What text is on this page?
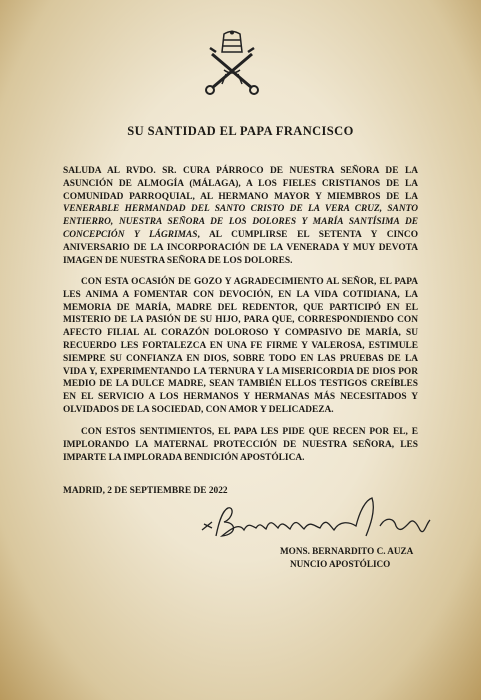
SU SANTIDAD EL PAPA FRANCISCO
SALUDA AL RVDO. SR. CURA PÁRROCO DE NUESTRA SEÑORA DE LA ASUNCIÓN DE ALMOGÍA (MÁLAGA), A LOS FIELES CRISTIANOS DE LA COMUNIDAD PARROQUIAL, AL HERMANO MAYOR Y MIEMBROS DE LA VENERABLE HERMANDAD DEL SANTO CRISTO DE LA VERA CRUZ, SANTO ENTIERRO, NUESTRA SEÑORA DE LOS DOLORES Y MARÍA SANTÍSIMA DE CONCEPCIÓN Y LÁGRIMAS, AL CUMPLIRSE EL SETENTA Y CINCO ANIVERSARIO DE LA INCORPORACIÓN DE LA VENERADA Y MUY DEVOTA IMAGEN DE NUESTRA SEÑORA DE LOS DOLORES.
CON ESTA OCASIÓN DE GOZO Y AGRADECIMIENTO AL SEÑOR, EL PAPA LES ANIMA A FOMENTAR CON DEVOCIÓN, EN LA VIDA COTIDIANA, LA MEMORIA DE MARÍA, MADRE DEL REDENTOR, QUE PARTICIPÓ EN EL MISTERIO DE LA PASIÓN DE SU HIJO, PARA QUE, CORRESPONDIENDO CON AFECTO FILIAL AL CORAZÓN DOLOROSO Y COMPASIVO DE MARÍA, SU RECUERDO LES FORTALEZCA EN UNA FE FIRME Y VALEROSA, ESTIMULE SIEMPRE SU CONFIANZA EN DIOS, SOBRE TODO EN LAS PRUEBAS DE LA VIDA Y, EXPERIMENTANDO LA TERNURA Y LA MISERICORDIA DE DIOS POR MEDIO DE LA DULCE MADRE, SEAN TAMBIÉN ELLOS TESTIGOS CREÍBLES EN EL SERVICIO A LOS HERMANOS Y HERMANAS MÁS NECESITADOS Y OLVIDADOS DE LA SOCIEDAD, CON AMOR Y DELICADEZA.
CON ESTOS SENTIMIENTOS, EL PAPA LES PIDE QUE RECEN POR EL, E IMPLORANDO LA MATERNAL PROTECCIÓN DE NUESTRA SEÑORA, LES IMPARTE LA IMPLORADA BENDICIÓN APOSTÓLICA.
MADRID, 2 DE SEPTIEMBRE DE 2022
MONS. BERNARDITO C. AUZA
NUNCIO APOSTÓLICO
